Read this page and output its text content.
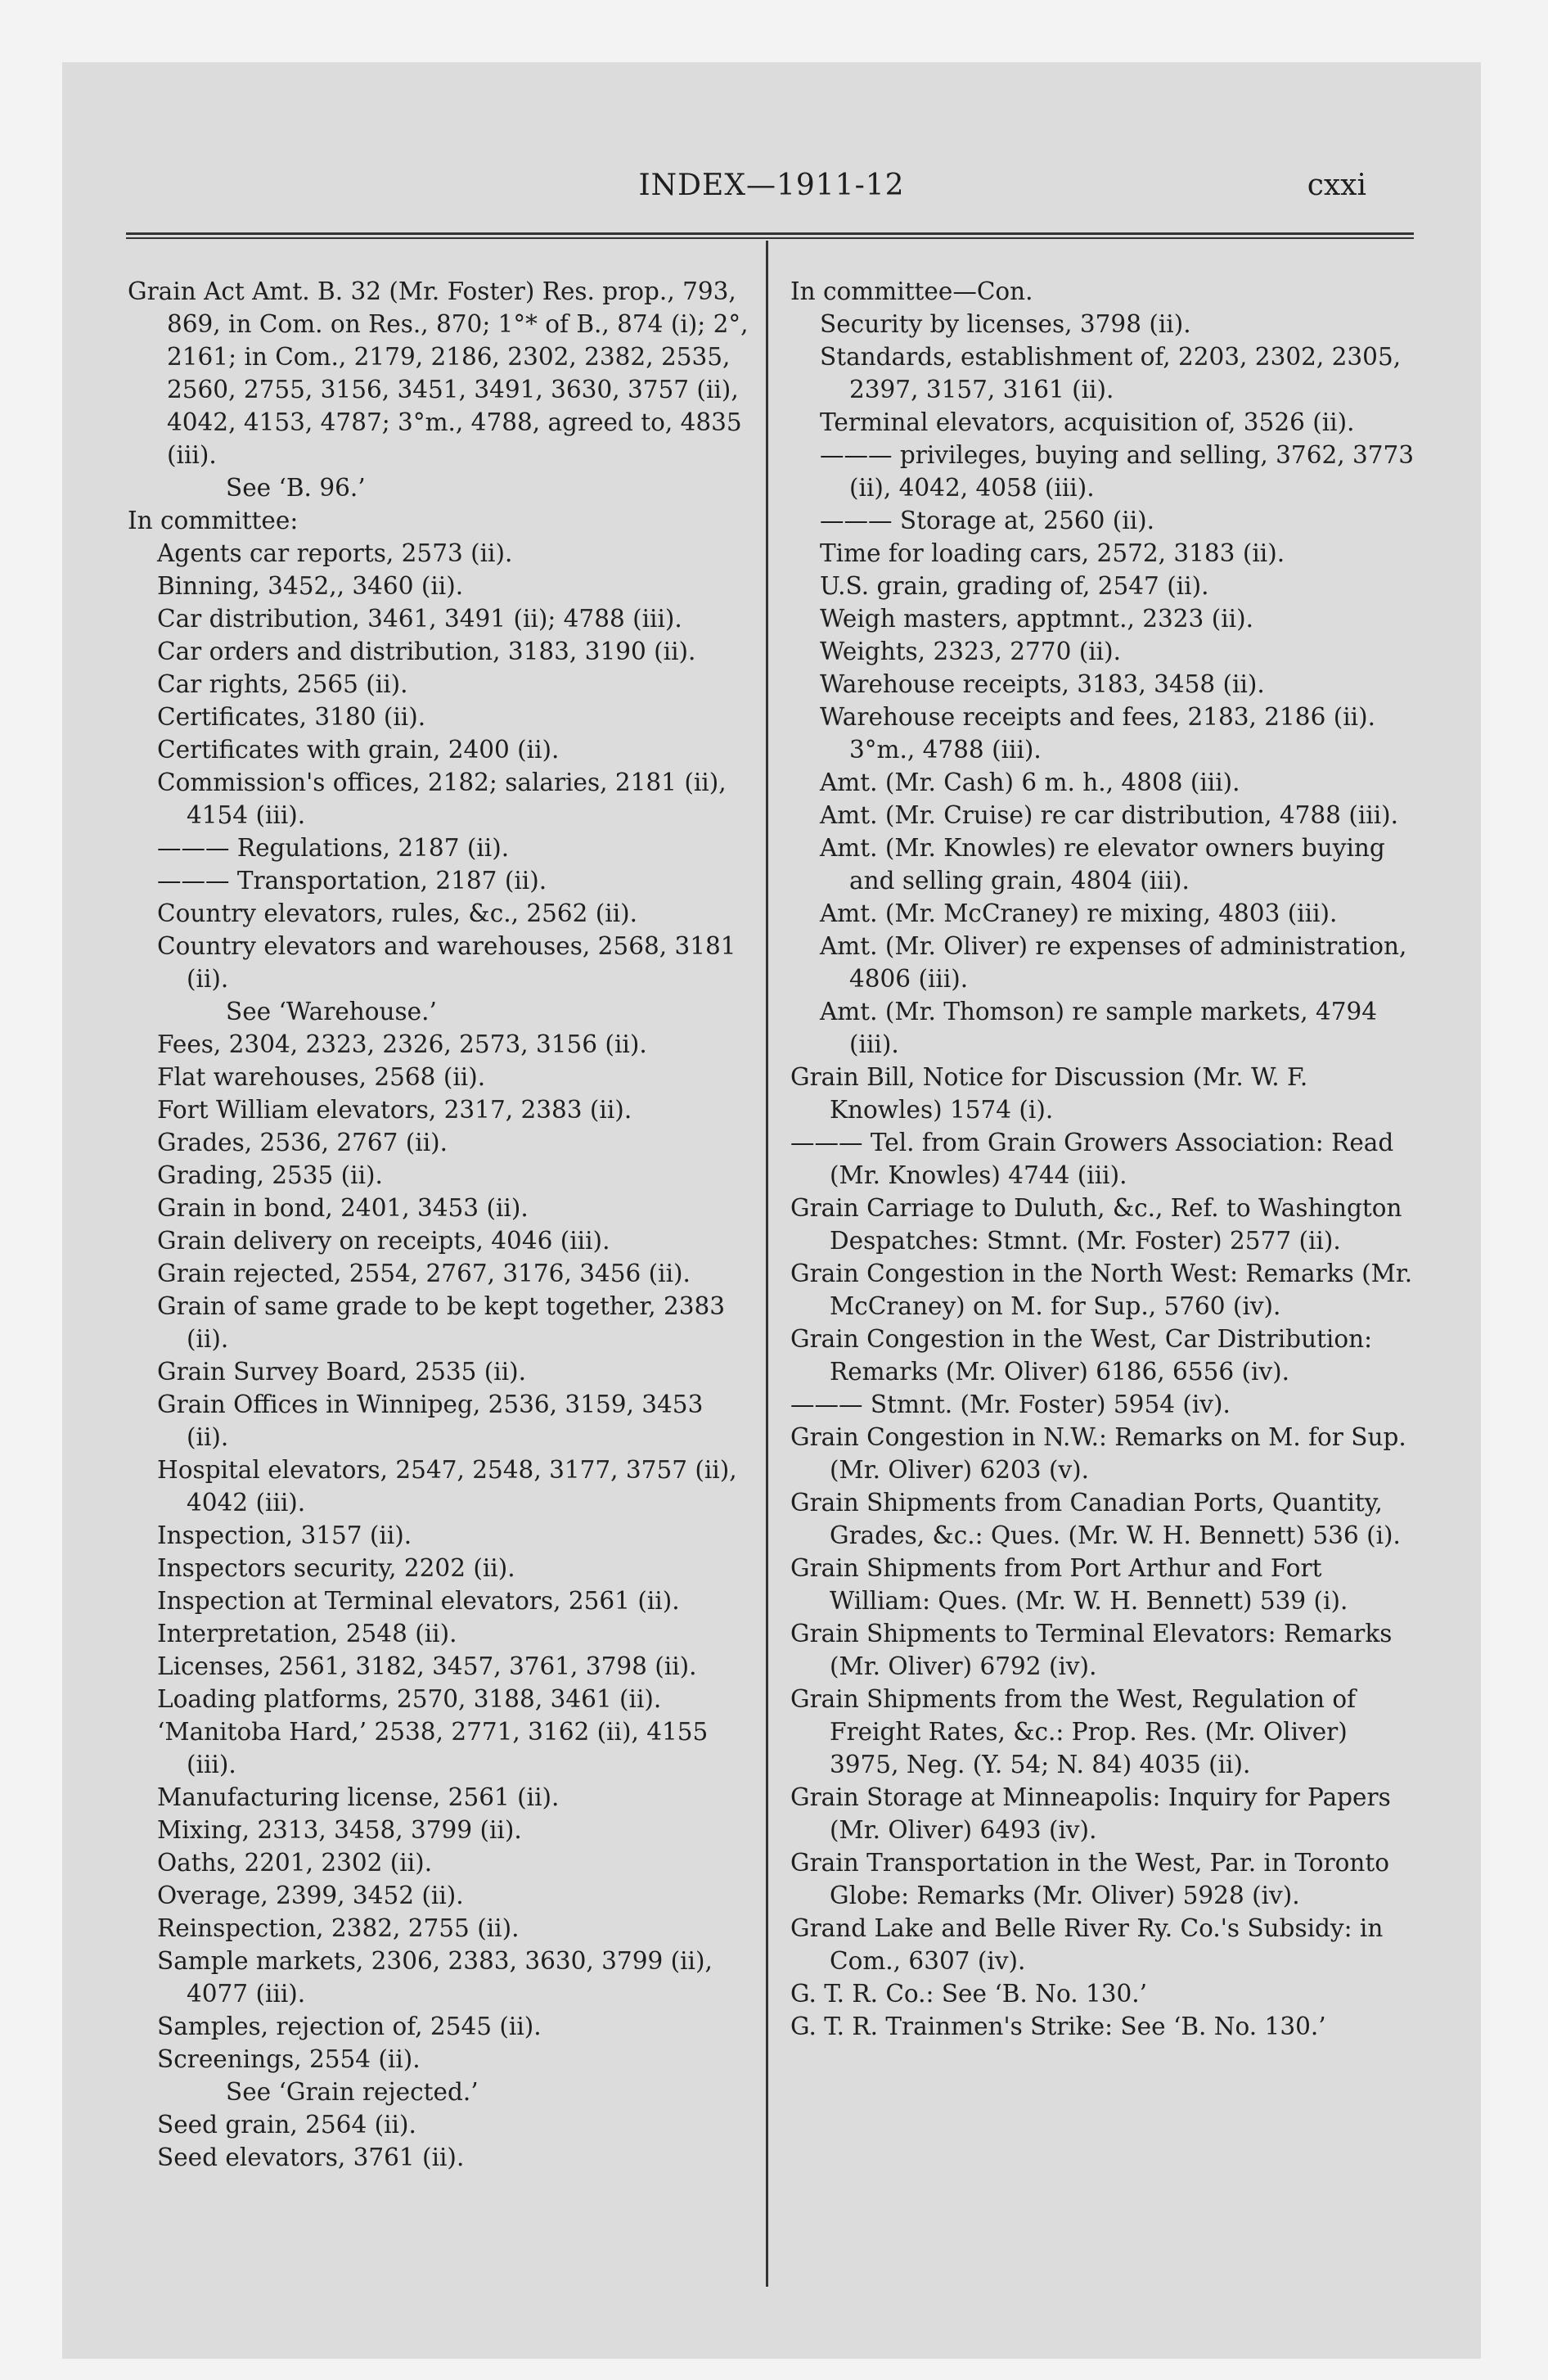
INDEX—1911-12	cxxi

Grain Act Amt. B. 32 (Mr. Foster) Res. prop., 793, 869, in Com. on Res., 870; 1°* of B., 874 (i); 2°, 2161; in Com., 2179, 2186, 2302, 2382, 2535, 2560, 2755, 3156, 3451, 3491, 3630, 3757 (ii), 4042, 4153, 4787; 3°m., 4788, agreed to, 4835 (iii).

See ‘B. 96.’

In committee:

Agents car reports, 2573 (ii).

Binning, 3452,, 3460 (ii).

Car distribution, 3461, 3491 (ii); 4788 (iii).

Car orders and distribution, 3183, 3190 (ii).

Car rights, 2565 (ii).

Certificates, 3180 (ii).

Certificates with grain, 2400 (ii).

Commission's offices, 2182; salaries, 2181 (ii), 4154 (iii).

——— Regulations, 2187 (ii).

——— Transportation, 2187 (ii).

Country elevators, rules, &c., 2562 (ii).

Country elevators and warehouses, 2568, 3181 (ii).

See ‘Warehouse.’

Fees, 2304, 2323, 2326, 2573, 3156 (ii).

Flat warehouses, 2568 (ii).

Fort William elevators, 2317, 2383 (ii).

Grades, 2536, 2767 (ii).

Grading, 2535 (ii).

Grain in bond, 2401, 3453 (ii).

Grain delivery on receipts, 4046 (iii).

Grain rejected, 2554, 2767, 3176, 3456 (ii).

Grain of same grade to be kept together, 2383 (ii).

Grain Survey Board, 2535 (ii).

Grain Offices in Winnipeg, 2536, 3159, 3453 (ii).

Hospital elevators, 2547, 2548, 3177, 3757 (ii), 4042 (iii).

Inspection, 3157 (ii).

Inspectors security, 2202 (ii).

Inspection at Terminal elevators, 2561 (ii).

Interpretation, 2548 (ii).

Licenses, 2561, 3182, 3457, 3761, 3798 (ii).

Loading platforms, 2570, 3188, 3461 (ii).

‘Manitoba Hard,’ 2538, 2771, 3162 (ii), 4155 (iii).

Manufacturing license, 2561 (ii).

Mixing, 2313, 3458, 3799 (ii).

Oaths, 2201, 2302 (ii).

Overage, 2399, 3452 (ii).

Reinspection, 2382, 2755 (ii).

Sample markets, 2306, 2383, 3630, 3799 (ii), 4077 (iii).

Samples, rejection of, 2545 (ii).

Screenings, 2554 (ii).

See ‘Grain rejected.’

Seed grain, 2564 (ii).

Seed elevators, 3761 (ii).

In committee—Con.

Security by licenses, 3798 (ii).

Standards, establishment of, 2203, 2302, 2305, 2397, 3157, 3161 (ii).

Terminal elevators, acquisition of, 3526 (ii).

——— privileges, buying and selling, 3762, 3773 (ii), 4042, 4058 (iii).

——— Storage at, 2560 (ii).

Time for loading cars, 2572, 3183 (ii).

U.S. grain, grading of, 2547 (ii).

Weigh masters, apptmnt., 2323 (ii).

Weights, 2323, 2770 (ii).

Warehouse receipts, 3183, 3458 (ii).

Warehouse receipts and fees, 2183, 2186 (ii). 3°m., 4788 (iii).

Amt. (Mr. Cash) 6 m. h., 4808 (iii).

Amt. (Mr. Cruise) re car distribution, 4788 (iii).

Amt. (Mr. Knowles) re elevator owners buying and selling grain, 4804 (iii).

Amt. (Mr. McCraney) re mixing, 4803 (iii).

Amt. (Mr. Oliver) re expenses of administration, 4806 (iii).

Amt. (Mr. Thomson) re sample markets, 4794 (iii).

Grain Bill, Notice for Discussion (Mr. W. F. Knowles) 1574 (i).

——— Tel. from Grain Growers Association: Read (Mr. Knowles) 4744 (iii).

Grain Carriage to Duluth, &c., Ref. to Washington Despatches: Stmnt. (Mr. Foster) 2577 (ii).

Grain Congestion in the North West: Remarks (Mr. McCraney) on M. for Sup., 5760 (iv).

Grain Congestion in the West, Car Distribution: Remarks (Mr. Oliver) 6186, 6556 (iv).

——— Stmnt. (Mr. Foster) 5954 (iv).

Grain Congestion in N.W.: Remarks on M. for Sup. (Mr. Oliver) 6203 (v).

Grain Shipments from Canadian Ports, Quantity, Grades, &c.: Ques. (Mr. W. H. Bennett) 536 (i).

Grain Shipments from Port Arthur and Fort William: Ques. (Mr. W. H. Bennett) 539 (i).

Grain Shipments to Terminal Elevators: Remarks (Mr. Oliver) 6792 (iv).

Grain Shipments from the West, Regulation of Freight Rates, &c.: Prop. Res. (Mr. Oliver) 3975, Neg. (Y. 54; N. 84) 4035 (ii).

Grain Storage at Minneapolis: Inquiry for Papers (Mr. Oliver) 6493 (iv).

Grain Transportation in the West, Par. in Toronto Globe: Remarks (Mr. Oliver) 5928 (iv).

Grand Lake and Belle River Ry. Co.'s Subsidy: in Com., 6307 (iv).

G. T. R. Co.: See ‘B. No. 130.’

G. T. R. Trainmen's Strike: See ‘B. No. 130.’
